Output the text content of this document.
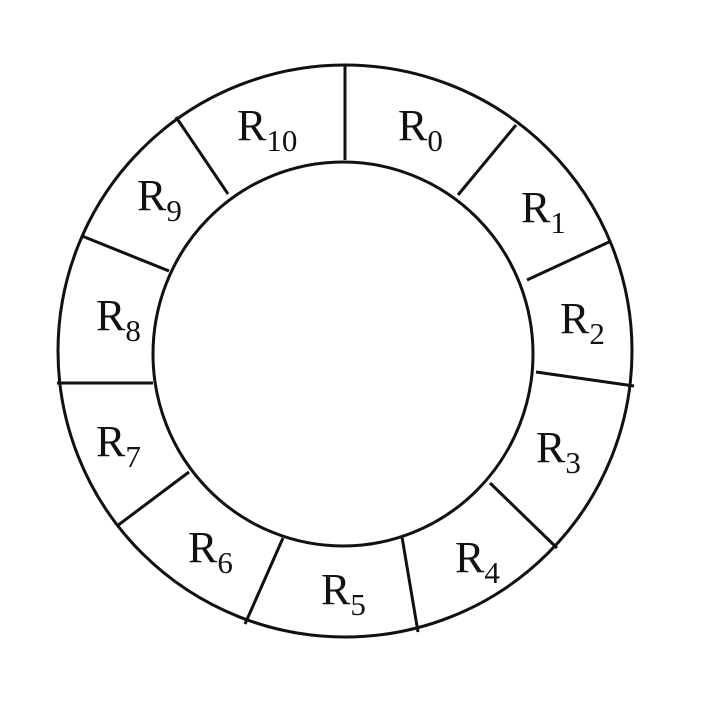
$R_0$
$R_1$
$R_2$
$R_3$
$R_4$
$R_5$
$R_6$
$R_7$
$R_8$
$R_9$
$R_{10}$
